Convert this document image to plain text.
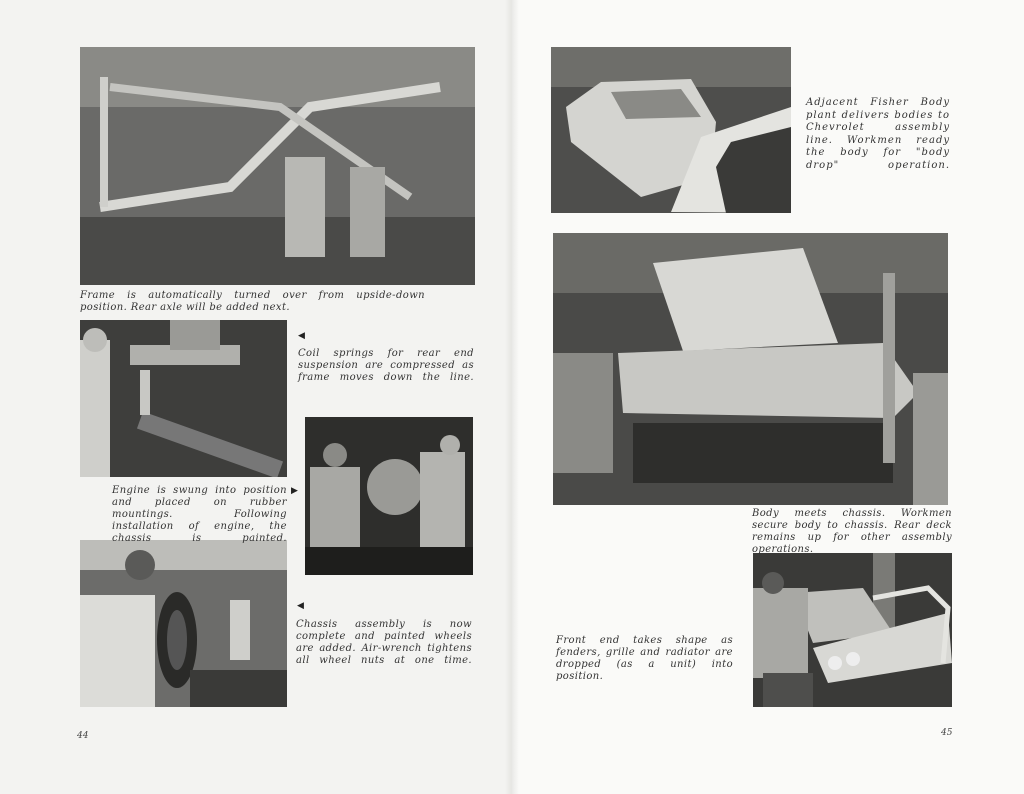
Frame is automatically turned over from upside-down position. Rear axle will be added next.
◀
Coil springs for rear end suspension are compressed as frame moves down the line.
Engine is swung into position and placed on rubber mountings. Following installation of engine, the chassis is painted.
▶
◀
Chassis assembly is now complete and painted wheels are added. Air-wrench tightens all wheel nuts at one time.
44
Adjacent Fisher Body plant delivers bodies to Chevrolet assembly line. Workmen ready the body for "body drop" operation.
Body meets chassis. Workmen secure body to chassis. Rear deck remains up for other assembly operations.
Front end takes shape as fenders, grille and radiator are dropped (as a unit) into position.
45
